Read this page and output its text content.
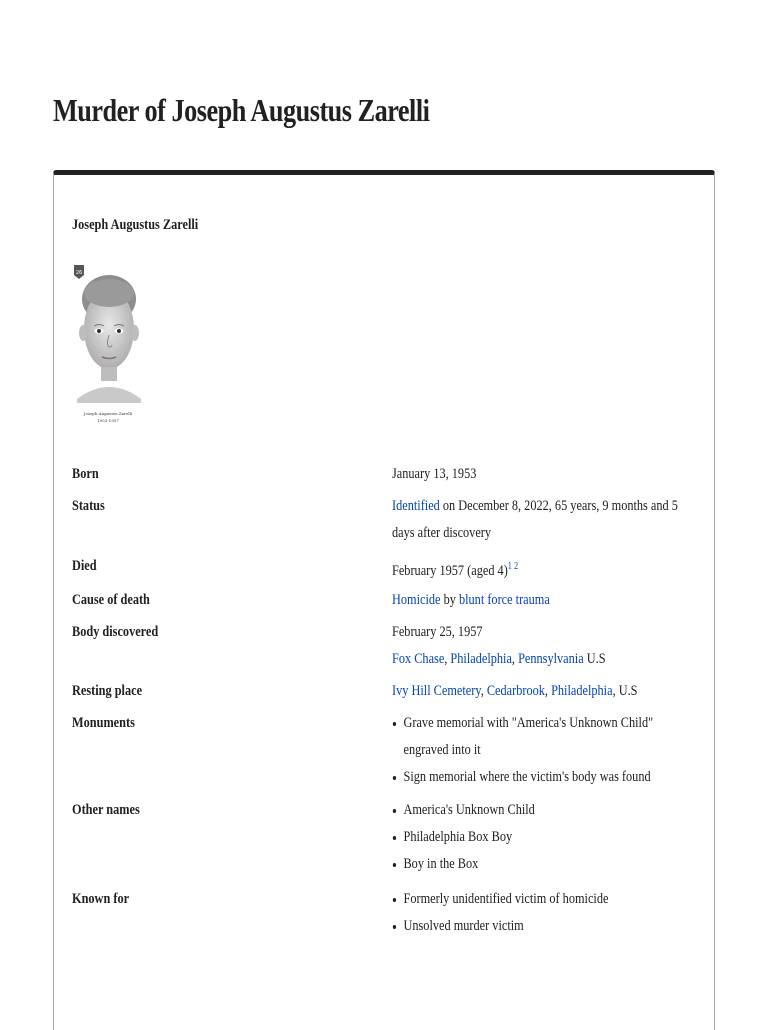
Murder of Joseph Augustus Zarelli
Joseph Augustus Zarelli
26
Joseph Augustus Zarelli
1953-1957
Born	January 13, 1953
Status	Identified on December 8, 2022, 65 years, 9 months and 5 days after discovery
Died	February 1957 (aged 4)$^{1 2}$
Cause of death	Homicide by blunt force trauma
Body discovered	February 25, 1957
Fox Chase, Philadelphia, Pennsylvania U.S
Resting place	Ivy Hill Cemetery, Cedarbrook, Philadelphia, U.S
Monuments	Grave memorial with "America's Unknown Child" engraved into it
Sign memorial where the victim's body was found
Other names	America's Unknown Child
Philadelphia Box Boy
Boy in the Box
Known for	Formerly unidentified victim of homicide
Unsolved murder victim
